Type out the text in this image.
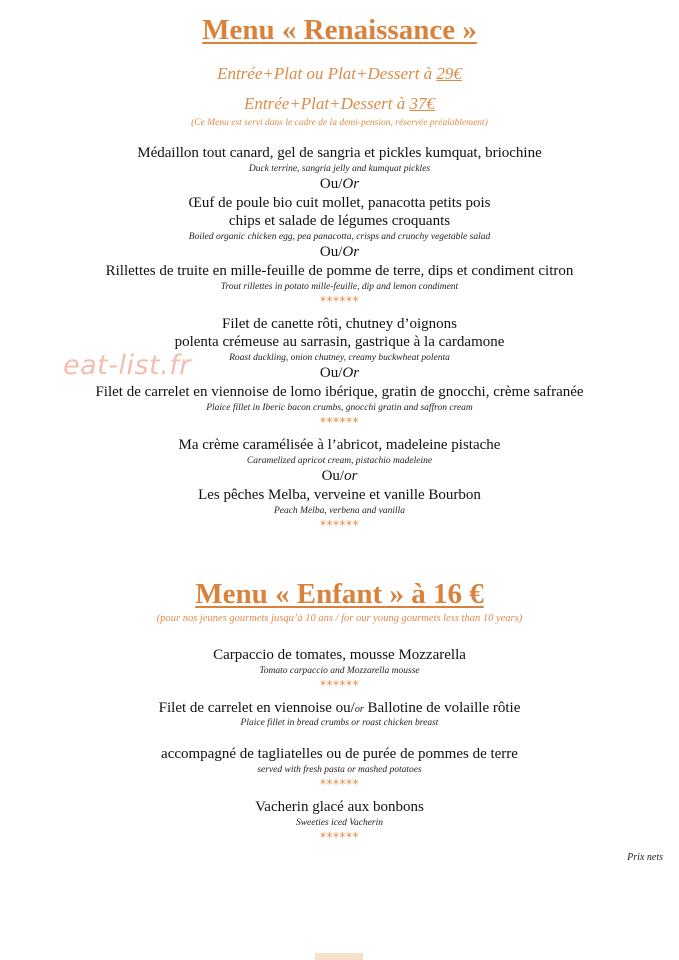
Menu « Renaissance »
Entrée+Plat ou Plat+Dessert à 29€
Entrée+Plat+Dessert à 37€
(Ce Menu est servi dans le cadre de la demi-pension, réservée préalablement)
Médaillon tout canard, gel de sangria et pickles kumquat, briochine
Duck terrine, sangria jelly and kumquat pickles
Ou/Or
Œuf de poule bio cuit mollet, panacotta petits pois
chips et salade de légumes croquants
Boiled organic chicken egg, pea panacotta, crisps and crunchy vegetable salad
Ou/Or
Rillettes de truite en mille-feuille de pomme de terre, dips et condiment citron
Trout rillettes in potato mille-feuille, dip and lemon condiment
******
Filet de canette rôti, chutney d’oignons
polenta crémeuse au sarrasin, gastrique à la cardamone
Roast duckling, onion chutney, creamy buckwheat polenta
Ou/Or
Filet de carrelet en viennoise de lomo ibérique, gratin de gnocchi, crème safranée
Plaice fillet in Iberic bacon crumbs, gnocchi gratin and saffron cream
******
Ma crème caramélisée à l’abricot, madeleine pistache
Caramelized apricot cream, pistachio madeleine
Ou/or
Les pêches Melba, verveine et vanille Bourbon
Peach Melba, verbena and vanilla
******
Menu « Enfant » à 16 €
(pour nos jeunes gourmets jusqu’à 10 ans / for our young gourmets less than 10 years)
Carpaccio de tomates, mousse Mozzarella
Tomato carpaccio and Mozzarella mousse
******
Filet de carrelet en viennoise ou/or Ballotine de volaille rôtie
Plaice fillet in bread crumbs or roast chicken breast
accompagné de tagliatelles ou de purée de pommes de terre
served with fresh pasta or mashed potatoes
******
Vacherin glacé aux bonbons
Sweeties iced Vacherin
******
Prix nets
eat-list.fr
